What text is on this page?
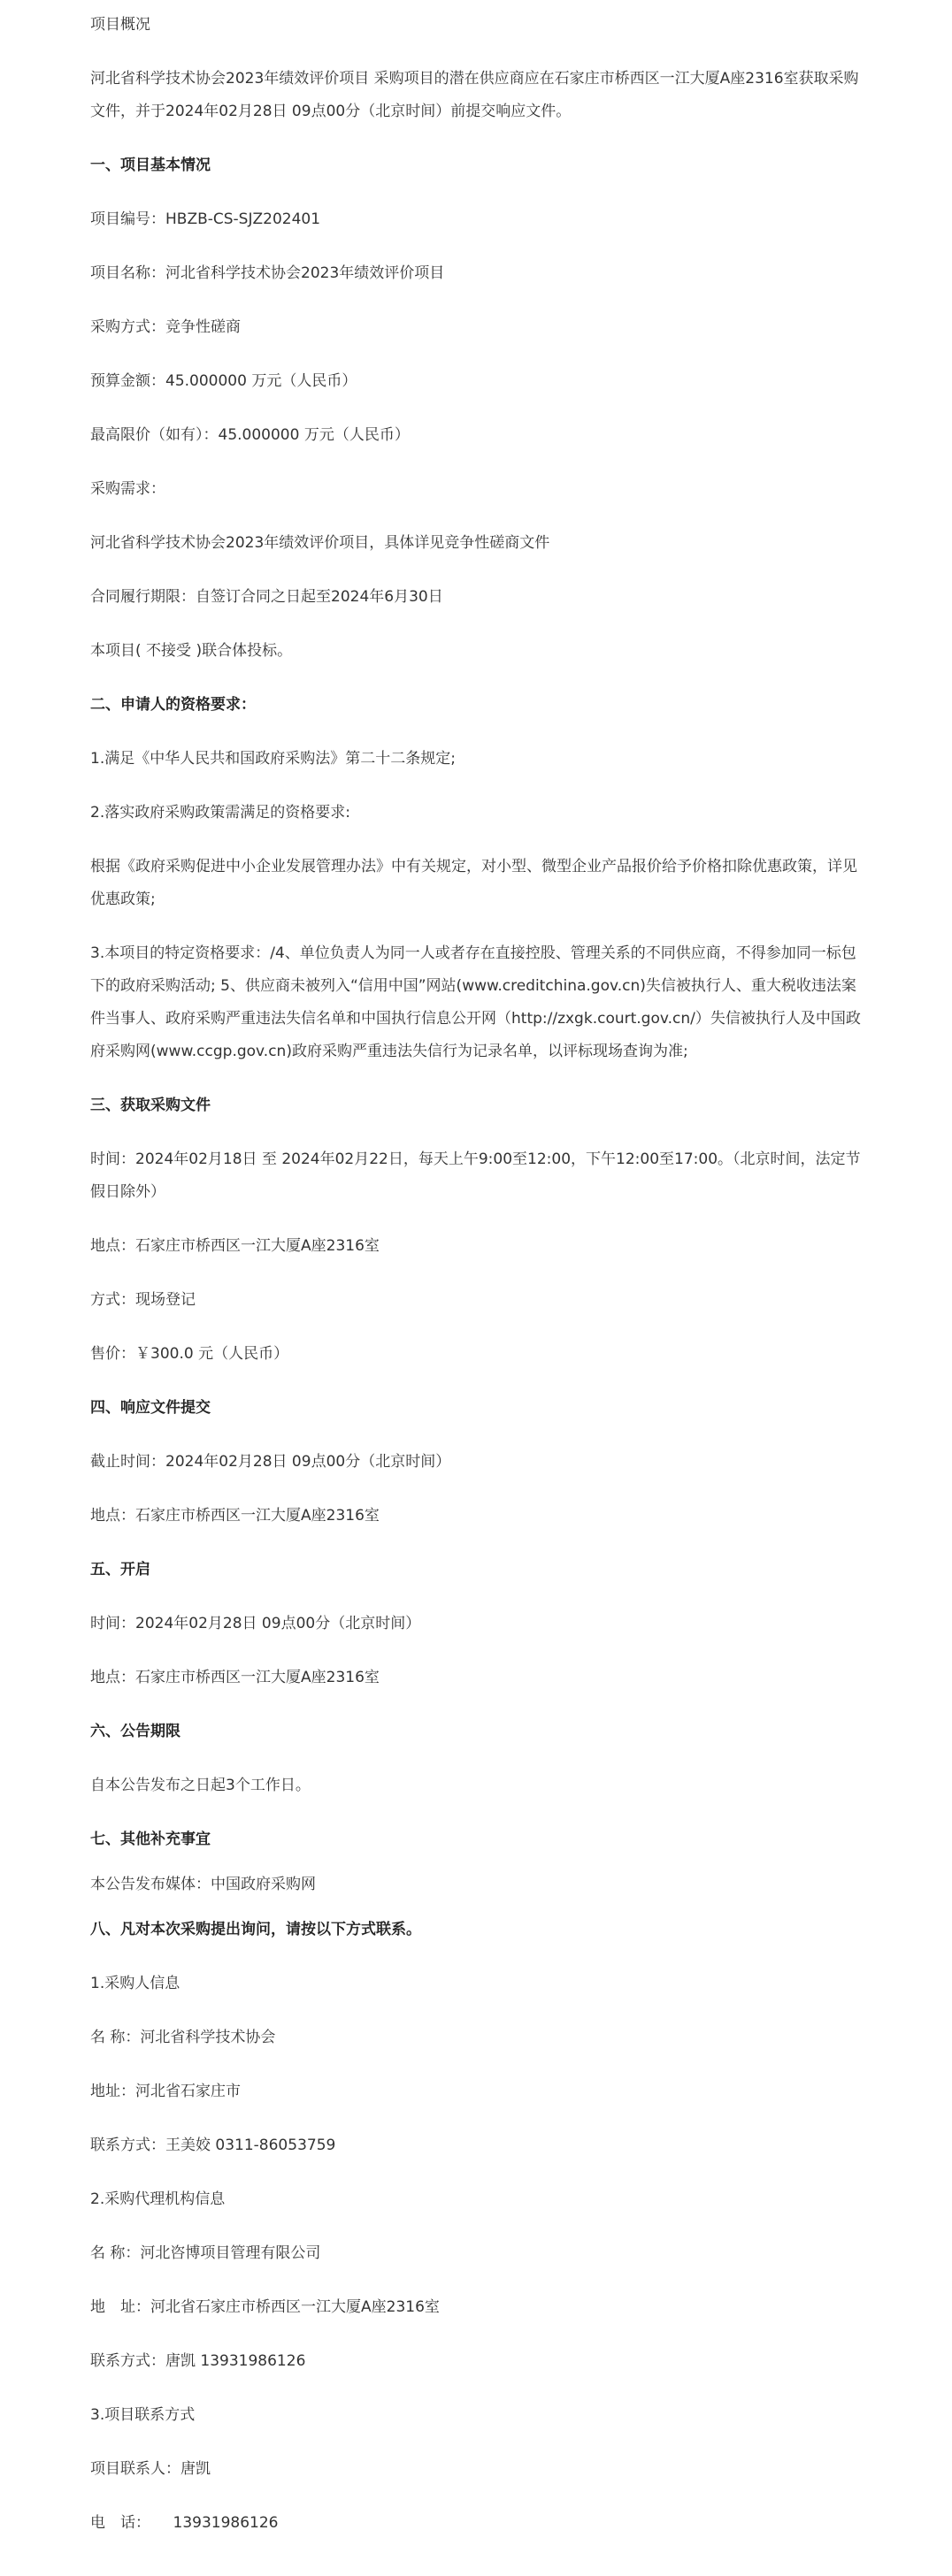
项目概况

河北省科学技术协会2023年绩效评价项目 采购项目的潜在供应商应在石家庄市桥西区一江大厦A座2316室获取采购文件，并于2024年02月28日 09点00分（北京时间）前提交响应文件。

一、项目基本情况

项目编号：HBZB-CS-SJZ202401

项目名称：河北省科学技术协会2023年绩效评价项目

采购方式：竞争性磋商

预算金额：45.000000 万元（人民币）

最高限价（如有）：45.000000 万元（人民币）

采购需求：

河北省科学技术协会2023年绩效评价项目，具体详见竞争性磋商文件

合同履行期限：自签订合同之日起至2024年6月30日

本项目( 不接受 )联合体投标。

二、申请人的资格要求：

1.满足《中华人民共和国政府采购法》第二十二条规定;

2.落实政府采购政策需满足的资格要求:

根据《政府采购促进中小企业发展管理办法》中有关规定，对小型、微型企业产品报价给予价格扣除优惠政策，详见优惠政策;

3.本项目的特定资格要求：/4、单位负责人为同一人或者存在直接控股、管理关系的不同供应商，不得参加同一标包下的政府采购活动; 5、供应商未被列入“信用中国”网站(www.creditchina.gov.cn)失信被执行人、重大税收违法案件当事人、政府采购严重违法失信名单和中国执行信息公开网（http://zxgk.court.gov.cn/）失信被执行人及中国政府采购网(www.ccgp.gov.cn)政府采购严重违法失信行为记录名单，以评标现场查询为准;

三、获取采购文件

时间：2024年02月18日 至 2024年02月22日，每天上午9:00至12:00，下午12:00至17:00。（北京时间，法定节假日除外）

地点：石家庄市桥西区一江大厦A座2316室

方式：现场登记

售价：￥300.0 元（人民币）

四、响应文件提交

截止时间：2024年02月28日 09点00分（北京时间）

地点：石家庄市桥西区一江大厦A座2316室

五、开启

时间：2024年02月28日 09点00分（北京时间）

地点：石家庄市桥西区一江大厦A座2316室

六、公告期限

自本公告发布之日起3个工作日。

七、其他补充事宜

本公告发布媒体：中国政府采购网

八、凡对本次采购提出询问，请按以下方式联系。

1.采购人信息

名 称：河北省科学技术协会

地址：河北省石家庄市

联系方式：王美姣 0311-86053759

2.采购代理机构信息

名 称：河北咨博项目管理有限公司

地　址：河北省石家庄市桥西区一江大厦A座2316室

联系方式：唐凯 13931986126

3.项目联系方式

项目联系人：唐凯

电　话：　　13931986126
